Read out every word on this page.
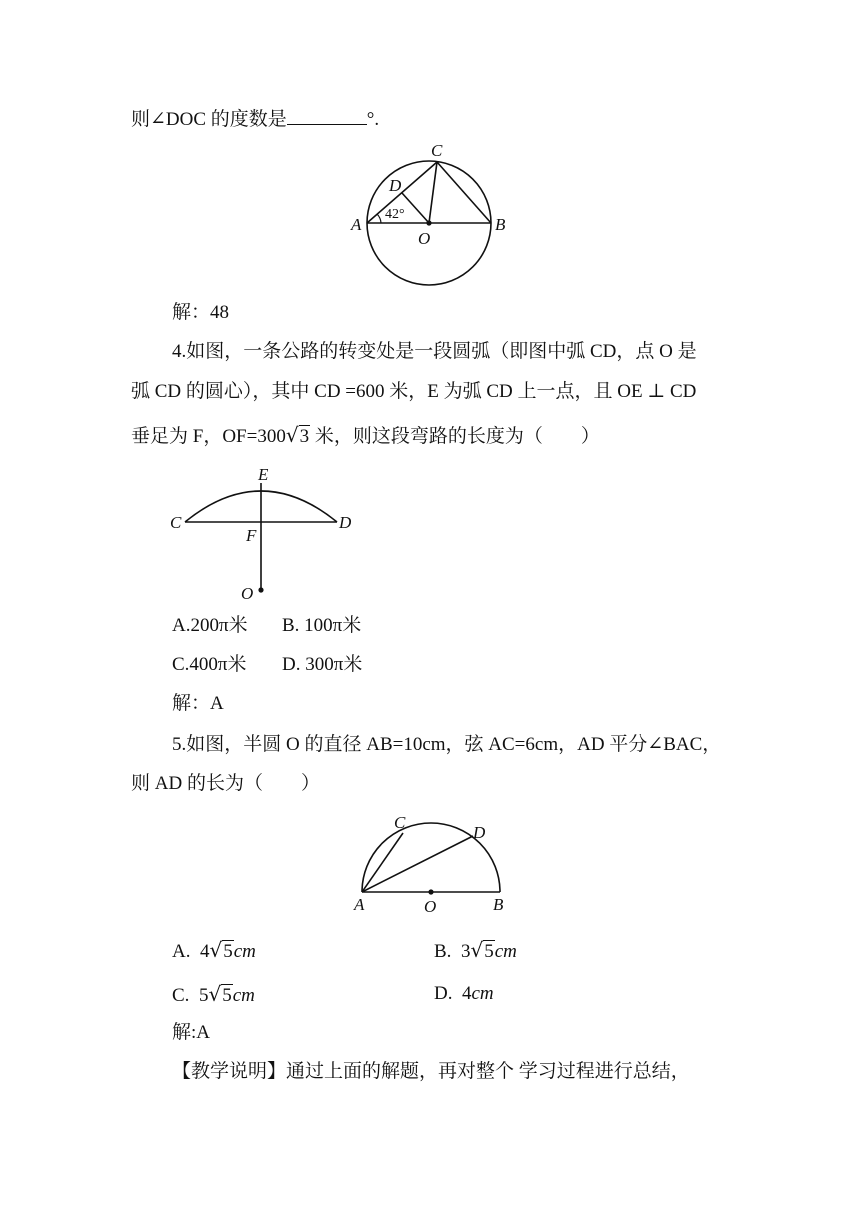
则∠DOC 的度数是	°.
C
D
A
O
B
42°
解：48
4.如图，一条公路的转变处是一段圆弧（即图中弧 CD，点 O 是
弧 CD 的圆心），其中 CD =600 米，E 为弧 CD 上一点，且 OE ⊥ CD
垂足为 F，OF=300√3 米，则这段弯路的长度为（　　）
E
C
F
D
O
A.200π米 B. 100π米
C.400π米 D. 300π米
解：A
5.如图，半圆 O 的直径 AB=10cm，弦 AC=6cm，AD 平分∠BAC，
则 AD 的长为（　　）
C
D
A	O	B
A. 4√5cm	B. 3√5cm
C. 5√5cm	D. 4cm
解:A
【教学说明】通过上面的解题，再对整个 学习过程进行总结，
